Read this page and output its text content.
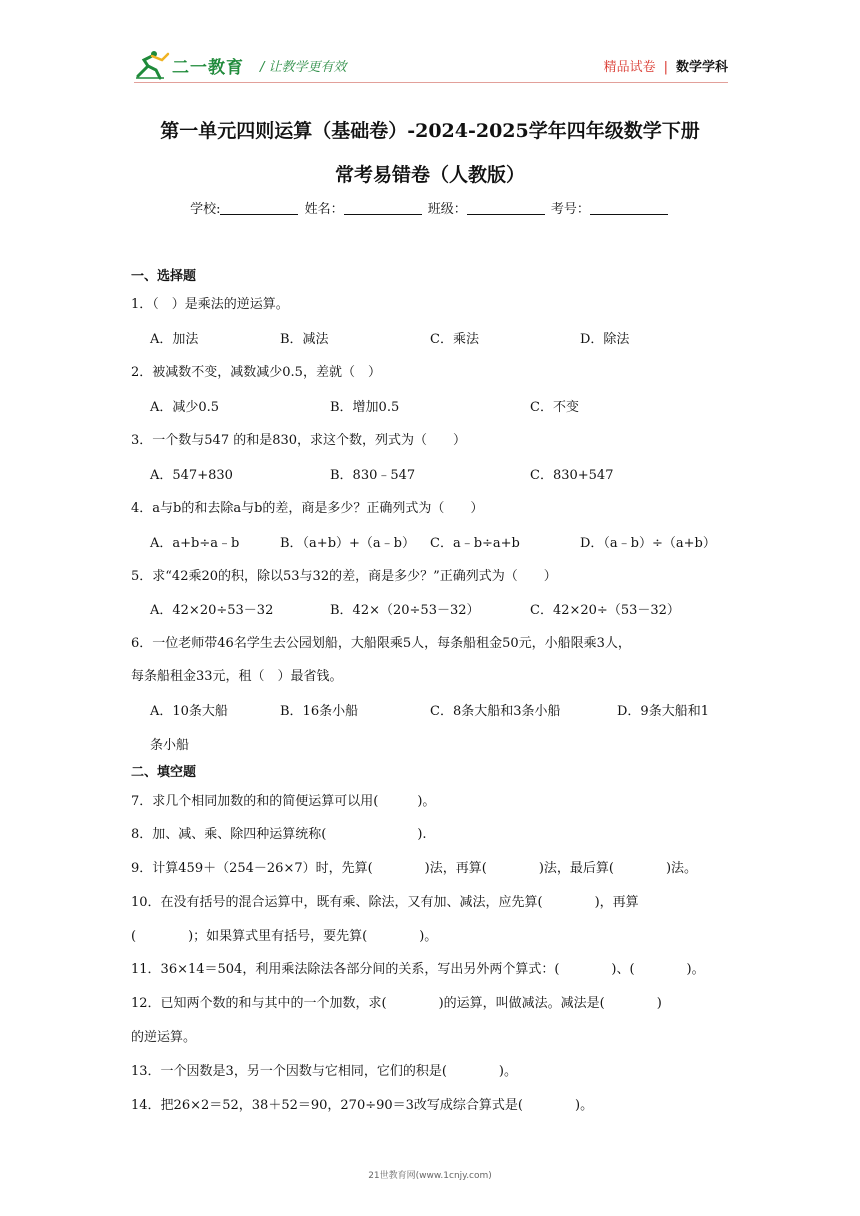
二一教育 / 让教学更有效	精品试卷 | 数学学科
第一单元四则运算（基础卷）-2024-2025学年四年级数学下册
常考易错卷（人教版）
学校:	姓名：	班级：	考号：
一、选择题
1．（　）是乘法的逆运算。
A．加法	B．减法	C．乘法	D．除法
2．被减数不变，减数减少0.5，差就（　）
A．减少0.5	B．增加0.5	C．不变
3．一个数与547 的和是830，求这个数，列式为（　　）
A．547+830	B．830﹣547	C．830+547
4．a与b的和去除a与b的差，商是多少？正确列式为（　　）
A．a+b÷a﹣b	B．（a+b）+（a﹣b） C．a﹣b÷a+b	D．（a﹣b）÷（a+b）
5．求“42乘20的积，除以53与32的差，商是多少？”正确列式为（　　）
A．42×20÷53－32	B．42×（20÷53－32）	C．42×20÷（53－32）
6．一位老师带46名学生去公园划船，大船限乘5人，每条船租金50元，小船限乘3人，
每条船租金33元，租（　）最省钱。
A．10条大船	B．16条小船	C．8条大船和3条小船	D．9条大船和1
条小船
二、填空题
7．求几个相同加数的和的简便运算可以用(　　　)。
8．加、减、乘、除四种运算统称(　　　　　　　).
9．计算459＋（254－26×7）时，先算(　　　　)法，再算(　　　　)法，最后算(　　　　)法。
10．在没有括号的混合运算中，既有乘、除法，又有加、减法，应先算(　　　　)，再算
(　　　　)；如果算式里有括号，要先算(　　　　)。
11．36×14＝504，利用乘法除法各部分间的关系，写出另外两个算式：(　　　　)、(　　　　)。
12．已知两个数的和与其中的一个加数，求(　　　　)的运算，叫做减法。减法是(　　　　)
的逆运算。
13．一个因数是3，另一个因数与它相同，它们的积是(　　　　)。
14．把26×2＝52，38＋52＝90，270÷90＝3改写成综合算式是(　　　　)。
21世教育网(www.1cnjy.com)
